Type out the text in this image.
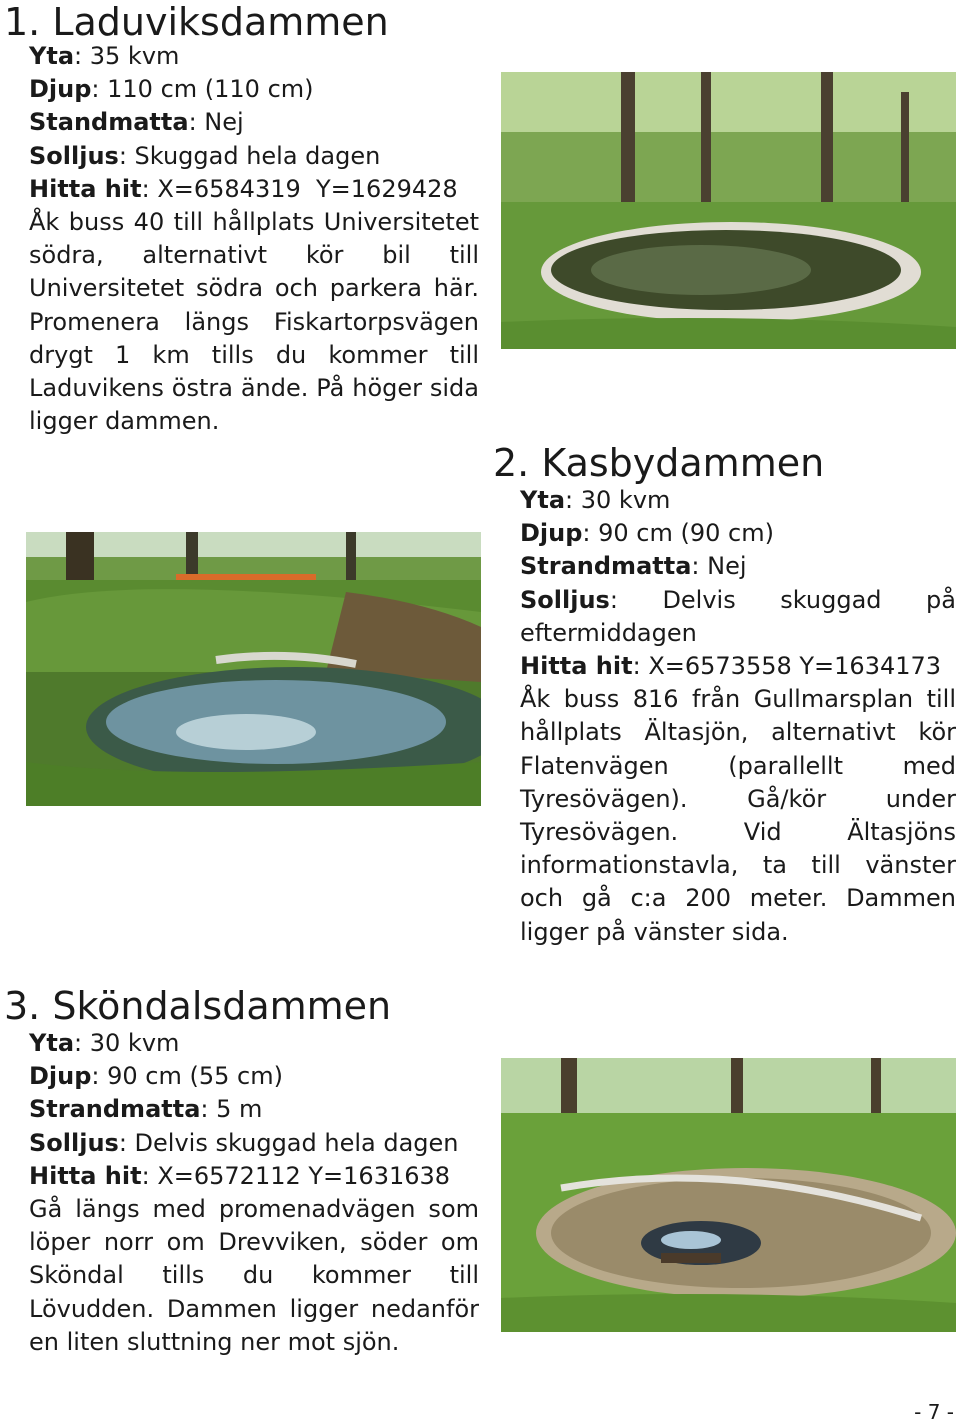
1. Laduviksdammen

Yta: 35 kvm

Djup: 110 cm (110 cm)

Standmatta: Nej

Solljus: Skuggad hela dagen

Hitta hit: X=6584319  Y=1629428

Åk buss 40 till hållplats Universitetet södra, alternativt kör bil till Universitetet södra och parkera här. Promenera längs Fiskartorpsvägen drygt 1 km tills du kommer till Laduvikens östra ände. På höger sida ligger dammen.

2. Kasbydammen

Yta: 30 kvm

Djup: 90 cm (90 cm)

Strandmatta: Nej

Solljus: Delvis skuggad på eftermiddagen

Hitta hit: X=6573558 Y=1634173

Åk buss 816 från Gullmarsplan till hållplats Ältasjön, alternativt kör Flatenvägen (parallellt med Tyresövägen). Gå/kör under Tyresövägen. Vid Ältasjöns informationstavla, ta till vänster och gå c:a 200 meter. Dammen ligger på vänster sida.

3. Sköndalsdammen

Yta: 30 kvm

Djup: 90 cm (55 cm)

Strandmatta: 5 m

Solljus: Delvis skuggad hela dagen

Hitta hit: X=6572112 Y=1631638

Gå längs med promenadvägen som löper norr om Drevviken, söder om Sköndal tills du kommer till Lövudden. Dammen ligger nedanför en liten sluttning ner mot sjön.

- 7 -
